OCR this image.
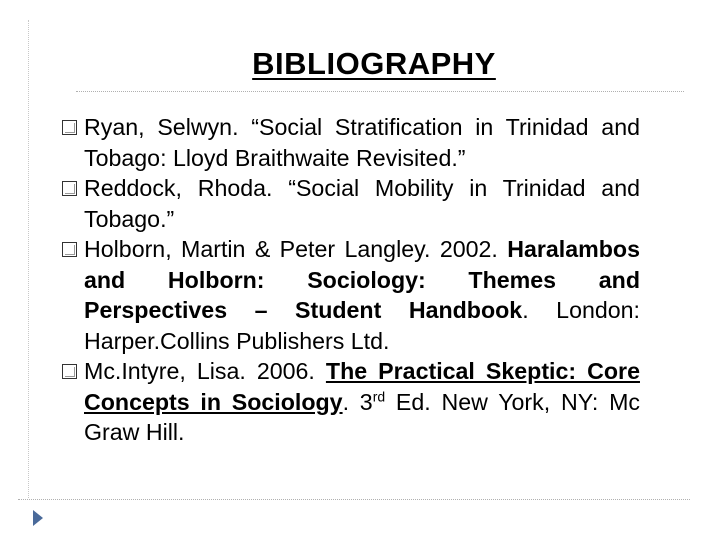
BIBLIOGRAPHY
Ryan, Selwyn. “Social Stratification in Trinidad and Tobago: Lloyd Braithwaite Revisited.”
Reddock, Rhoda. “Social Mobility in Trinidad and Tobago.”
Holborn, Martin & Peter Langley. 2002. Haralambos and Holborn: Sociology: Themes and Perspectives – Student Handbook. London: Harper.Collins Publishers Ltd.
Mc.Intyre, Lisa. 2006. The Practical Skeptic: Core Concepts in Sociology. 3rd Ed. New York, NY: Mc Graw Hill.
